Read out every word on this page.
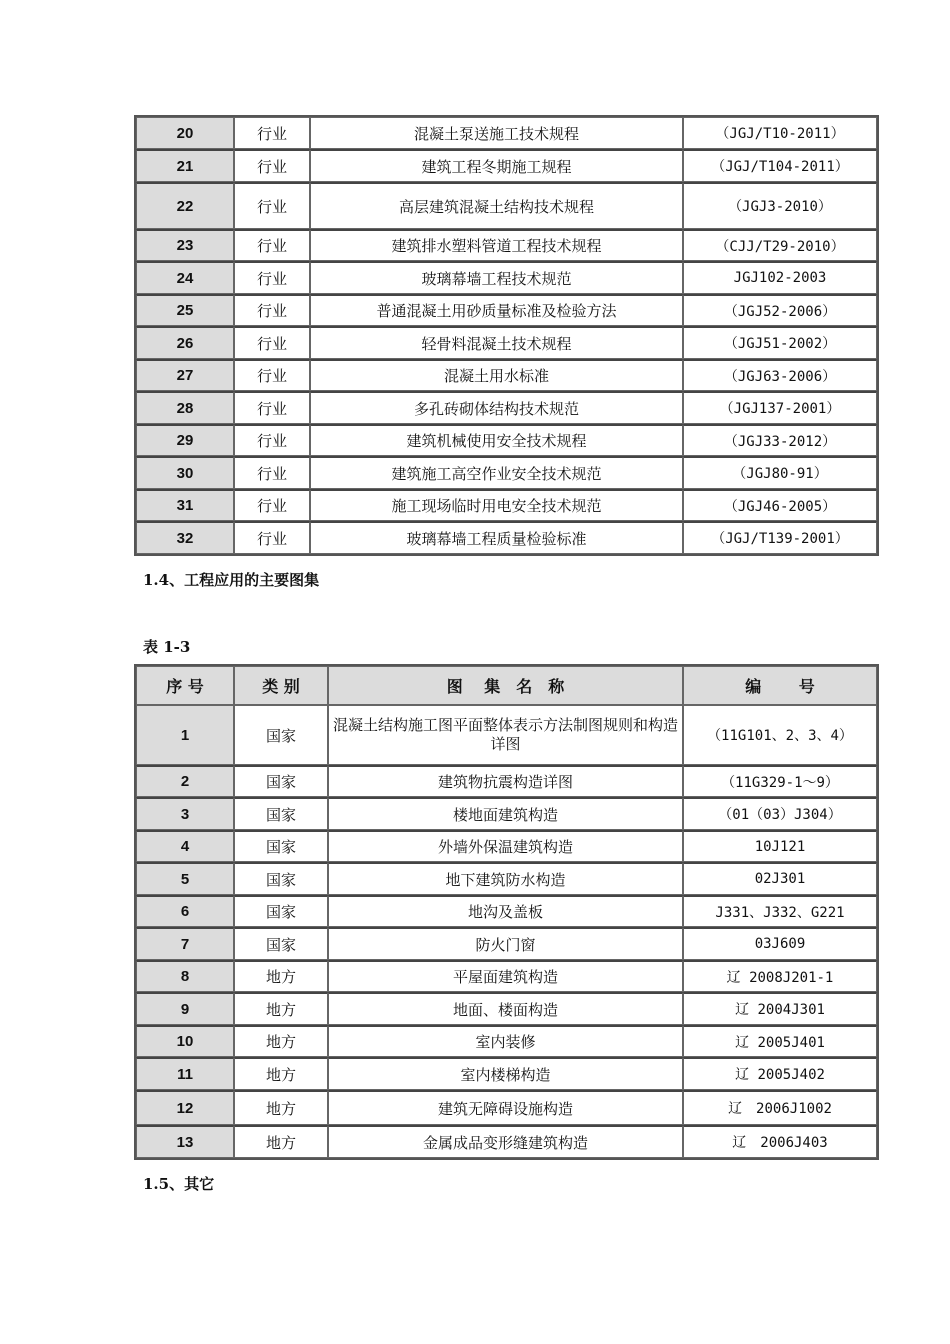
20	行业	混凝土泵送施工技术规程	（JGJ/T10-2011）
21	行业	建筑工程冬期施工规程	（JGJ/T104-2011）
22	行业	高层建筑混凝土结构技术规程	（JGJ3-2010）
23	行业	建筑排水塑料管道工程技术规程	（CJJ/T29-2010）
24	行业	玻璃幕墙工程技术规范	JGJ102-2003
25	行业	普通混凝土用砂质量标准及检验方法	（JGJ52-2006）
26	行业	轻骨料混凝土技术规程	（JGJ51-2002）
27	行业	混凝土用水标准	（JGJ63-2006）
28	行业	多孔砖砌体结构技术规范	（JGJ137-2001）
29	行业	建筑机械使用安全技术规程	（JGJ33-2012）
30	行业	建筑施工高空作业安全技术规范	（JGJ80-91）
31	行业	施工现场临时用电安全技术规范	（JGJ46-2005）
32	行业	玻璃幕墙工程质量检验标准	（JGJ/T139-2001）
1.4、工程应用的主要图集
表 1-3
序 号	类 别	图　 集　名　称	编　　 号
1	国家	混凝土结构施工图平面整体表示方法制图规则和构造详图	（11G101、2、3、4）
2	国家	建筑物抗震构造详图	（11G329-1～9）
3	国家	楼地面建筑构造	（01（03）J304）
4	国家	外墙外保温建筑构造	10J121
5	国家	地下建筑防水构造	02J301
6	国家	地沟及盖板	J331、J332、G221
7	国家	防火门窗	03J609
8	地方	平屋面建筑构造	辽 2008J201-1
9	地方	地面、楼面构造	辽 2004J301
10	地方	室内装修	辽 2005J401
11	地方	室内楼梯构造	辽 2005J402
12	地方	建筑无障碍设施构造	辽　2006J1002
13	地方	金属成品变形缝建筑构造	辽　2006J403
1.5、其它
